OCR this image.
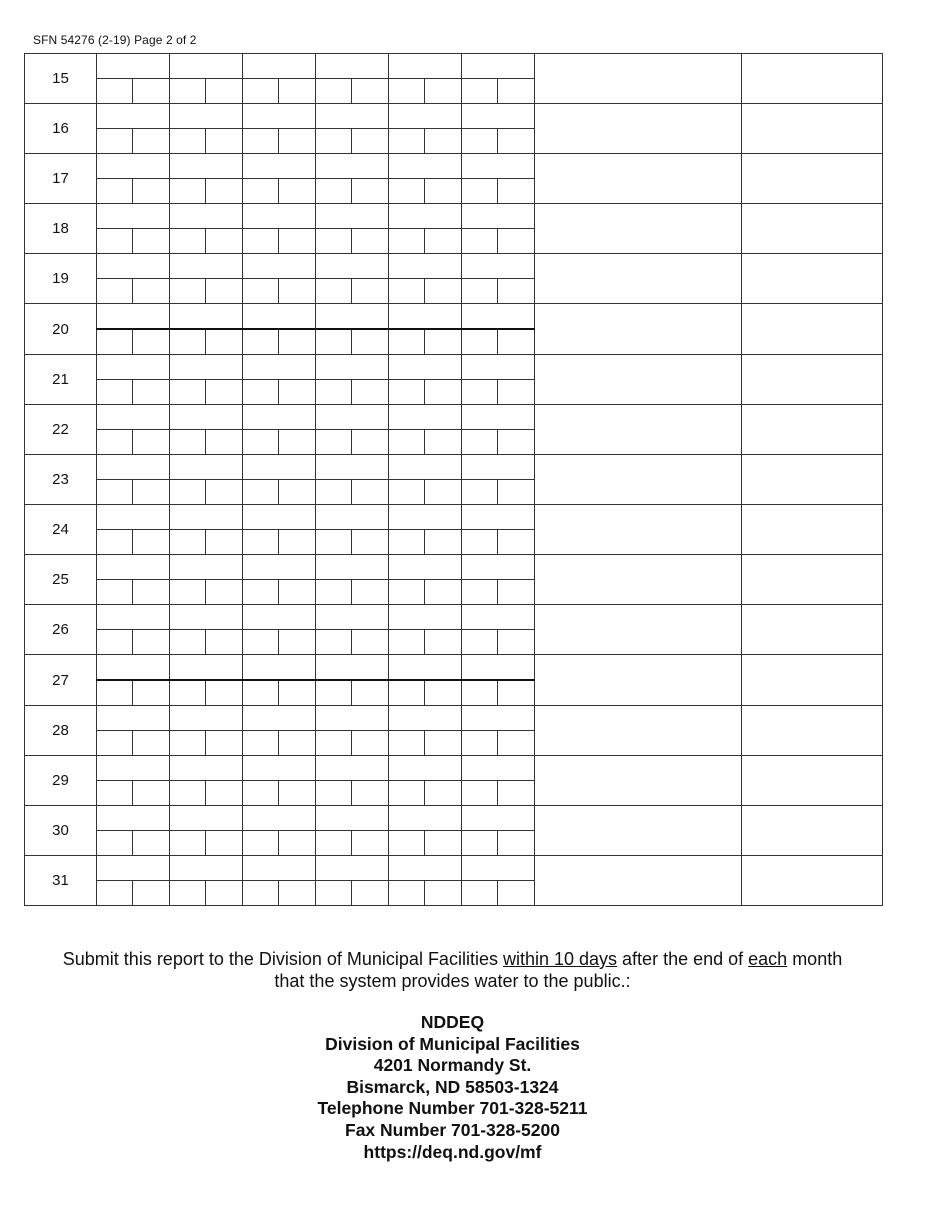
SFN 54276 (2-19) Page 2 of 2
15														

16														

17														

18														

19														

20														

21														

22														

23														

24														

25														

26														

27														

28														

29														

30														

31														

Submit this report to the Division of Municipal Facilities within 10 days after the end of each month

that the system provides water to the public.:

NDDEQ
Division of Municipal Facilities
4201 Normandy St.
Bismarck, ND 58503-1324
Telephone Number 701-328-5211
Fax Number 701-328-5200
https://deq.nd.gov/mf
